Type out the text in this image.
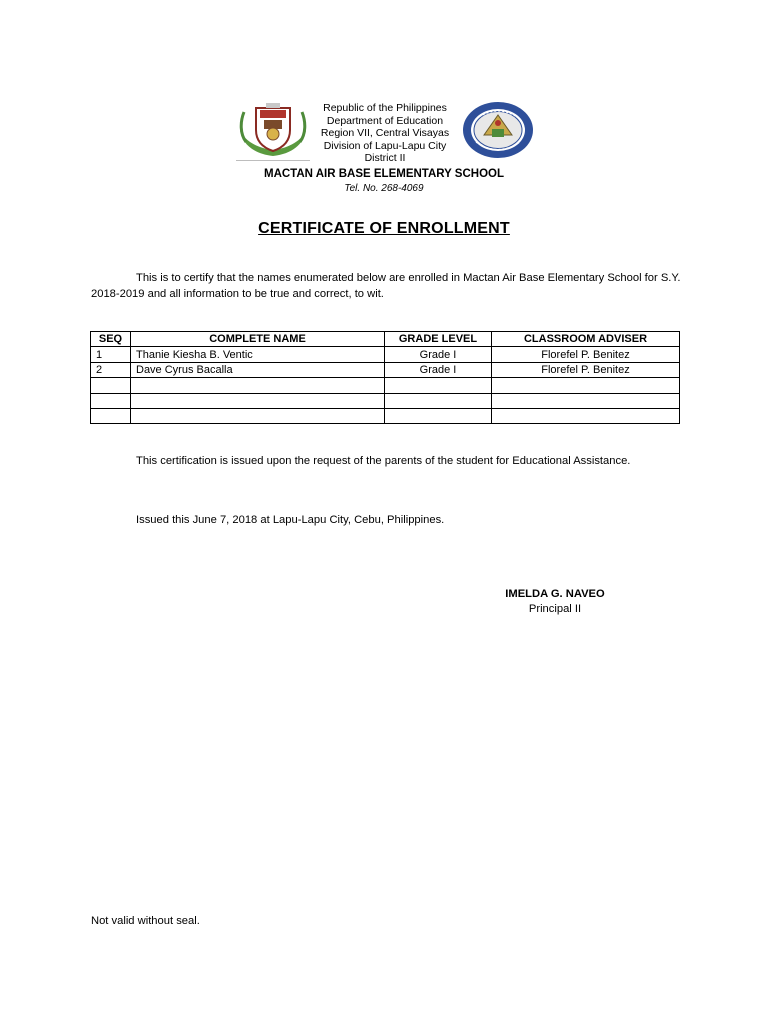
Republic of the Philippines
Department of Education
Region VII, Central Visayas
Division of Lapu-Lapu City
District II
MACTAN AIR BASE ELEMENTARY SCHOOL
Tel. No. 268-4069
CERTIFICATE OF ENROLLMENT
This is to certify that the names enumerated below are enrolled in Mactan Air Base Elementary School for S.Y. 2018-2019 and all information to be true and correct, to wit.
SEQ	COMPLETE NAME	GRADE LEVEL	CLASSROOM ADVISER
1	Thanie Kiesha B. Ventic	Grade I	Florefel P. Benitez
2	Dave Cyrus Bacalla	Grade I	Florefel P. Benitez

This certification is issued upon the request of the parents of the student for Educational Assistance.
Issued this June 7, 2018 at Lapu-Lapu City, Cebu, Philippines.
IMELDA G. NAVEO
Principal II
Not valid without seal.
